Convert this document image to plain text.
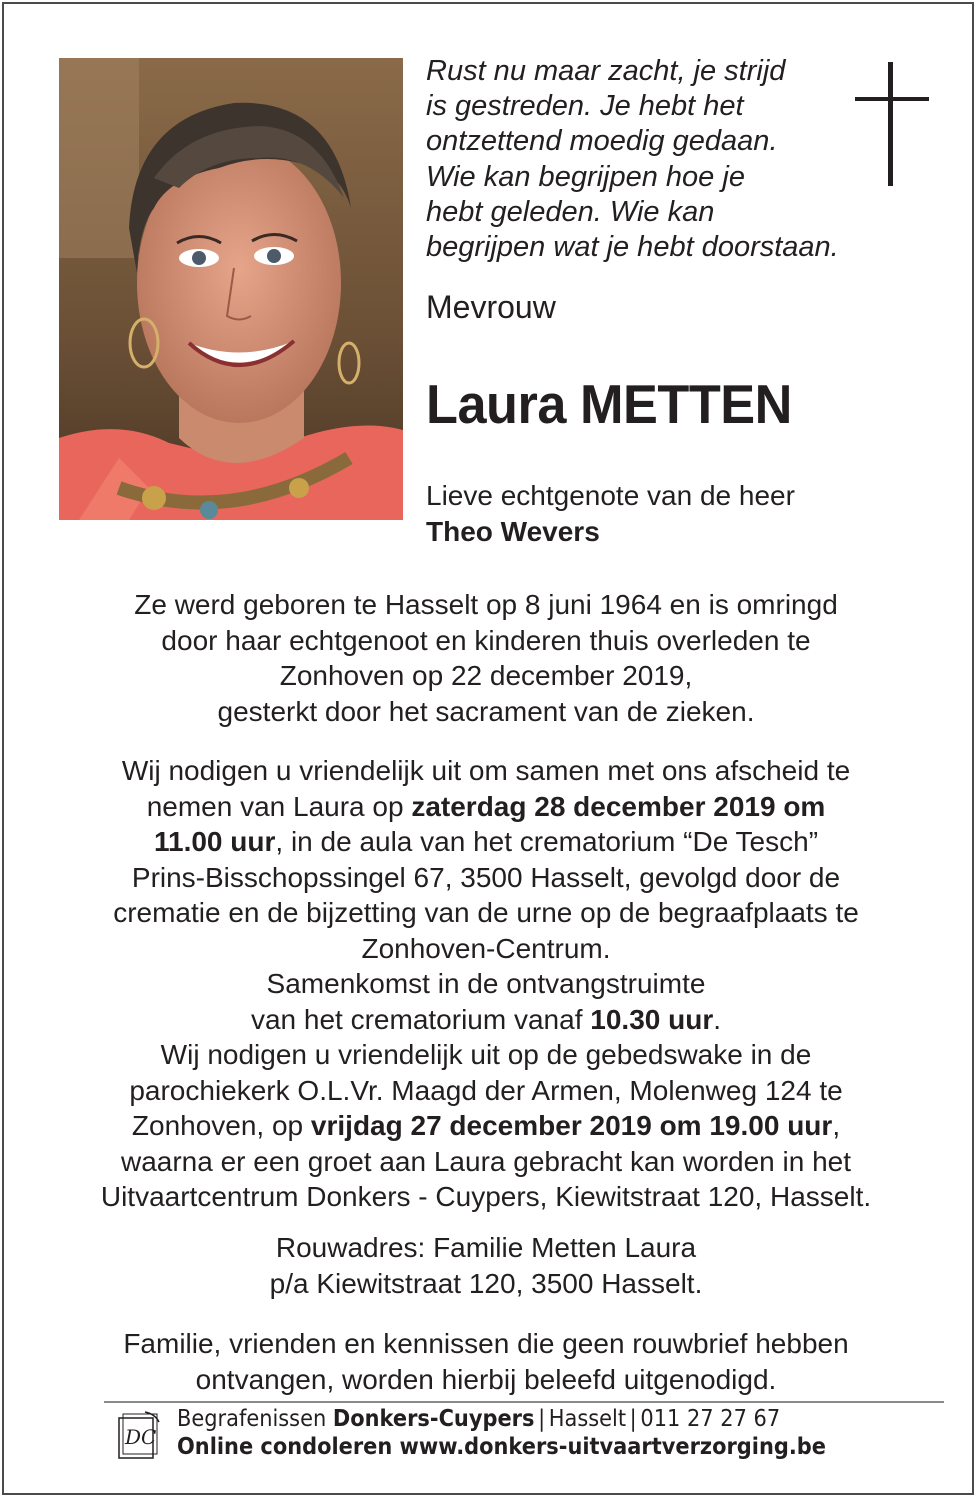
Rust nu maar zacht, je strijd
is gestreden. Je hebt het
ontzettend moedig gedaan.
Wie kan begrijpen hoe je
hebt geleden. Wie kan
begrijpen wat je hebt doorstaan.
Mevrouw
Laura METTEN
Lieve echtgenote van de heer
Theo Wevers
Ze werd geboren te Hasselt op 8 juni 1964 en is omringd
door haar echtgenoot en kinderen thuis overleden te
Zonhoven op 22 december 2019,
gesterkt door het sacrament van de zieken.
Wij nodigen u vriendelijk uit om samen met ons afscheid te
nemen van Laura op zaterdag 28 december 2019 om
11.00 uur, in de aula van het crematorium “De Tesch”
Prins-Bisschopssingel 67, 3500 Hasselt, gevolgd door de
crematie en de bijzetting van de urne op de begraafplaats te
Zonhoven-Centrum.
Samenkomst in de ontvangstruimte
van het crematorium vanaf 10.30 uur.
Wij nodigen u vriendelijk uit op de gebedswake in de
parochiekerk O.L.Vr. Maagd der Armen, Molenweg 124 te
Zonhoven, op vrijdag 27 december 2019 om 19.00 uur,
waarna er een groet aan Laura gebracht kan worden in het
Uitvaartcentrum Donkers - Cuypers, Kiewitstraat 120, Hasselt.
Rouwadres: Familie Metten Laura
p/a Kiewitstraat 120, 3500 Hasselt.
Familie, vrienden en kennissen die geen rouwbrief hebben
ontvangen, worden hierbij beleefd uitgenodigd.
DC
Begrafenissen Donkers-Cuypers | Hasselt | 011 27 27 67
Online condoleren www.donkers-uitvaartverzorging.be
